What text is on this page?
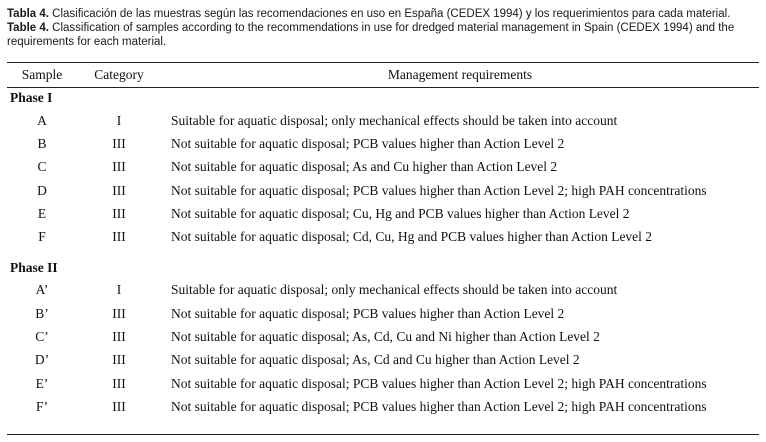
Tabla 4. Clasificación de las muestras según las recomendaciones en uso en España (CEDEX 1994) y los requerimientos para cada material.
Table 4. Classification of samples according to the recommendations in use for dredged material management in Spain (CEDEX 1994) and the
requirements for each material.
Sample	Category	Management requirements
Phase I		
A	I	Suitable for aquatic disposal; only mechanical effects should be taken into account
B	III	Not suitable for aquatic disposal; PCB values higher than Action Level 2
C	III	Not suitable for aquatic disposal; As and Cu higher than Action Level 2
D	III	Not suitable for aquatic disposal; PCB values higher than Action Level 2; high PAH concentrations
E	III	Not suitable for aquatic disposal; Cu, Hg and PCB values higher than Action Level 2
F	III	Not suitable for aquatic disposal; Cd, Cu, Hg and PCB values higher than Action Level 2

Phase II		
A’	I	Suitable for aquatic disposal; only mechanical effects should be taken into account
B’	III	Not suitable for aquatic disposal; PCB values higher than Action Level 2
C’	III	Not suitable for aquatic disposal; As, Cd, Cu and Ni higher than Action Level 2
D’	III	Not suitable for aquatic disposal; As, Cd and Cu higher than Action Level 2
E’	III	Not suitable for aquatic disposal; PCB values higher than Action Level 2; high PAH concentrations
F’	III	Not suitable for aquatic disposal; PCB values higher than Action Level 2; high PAH concentrations
